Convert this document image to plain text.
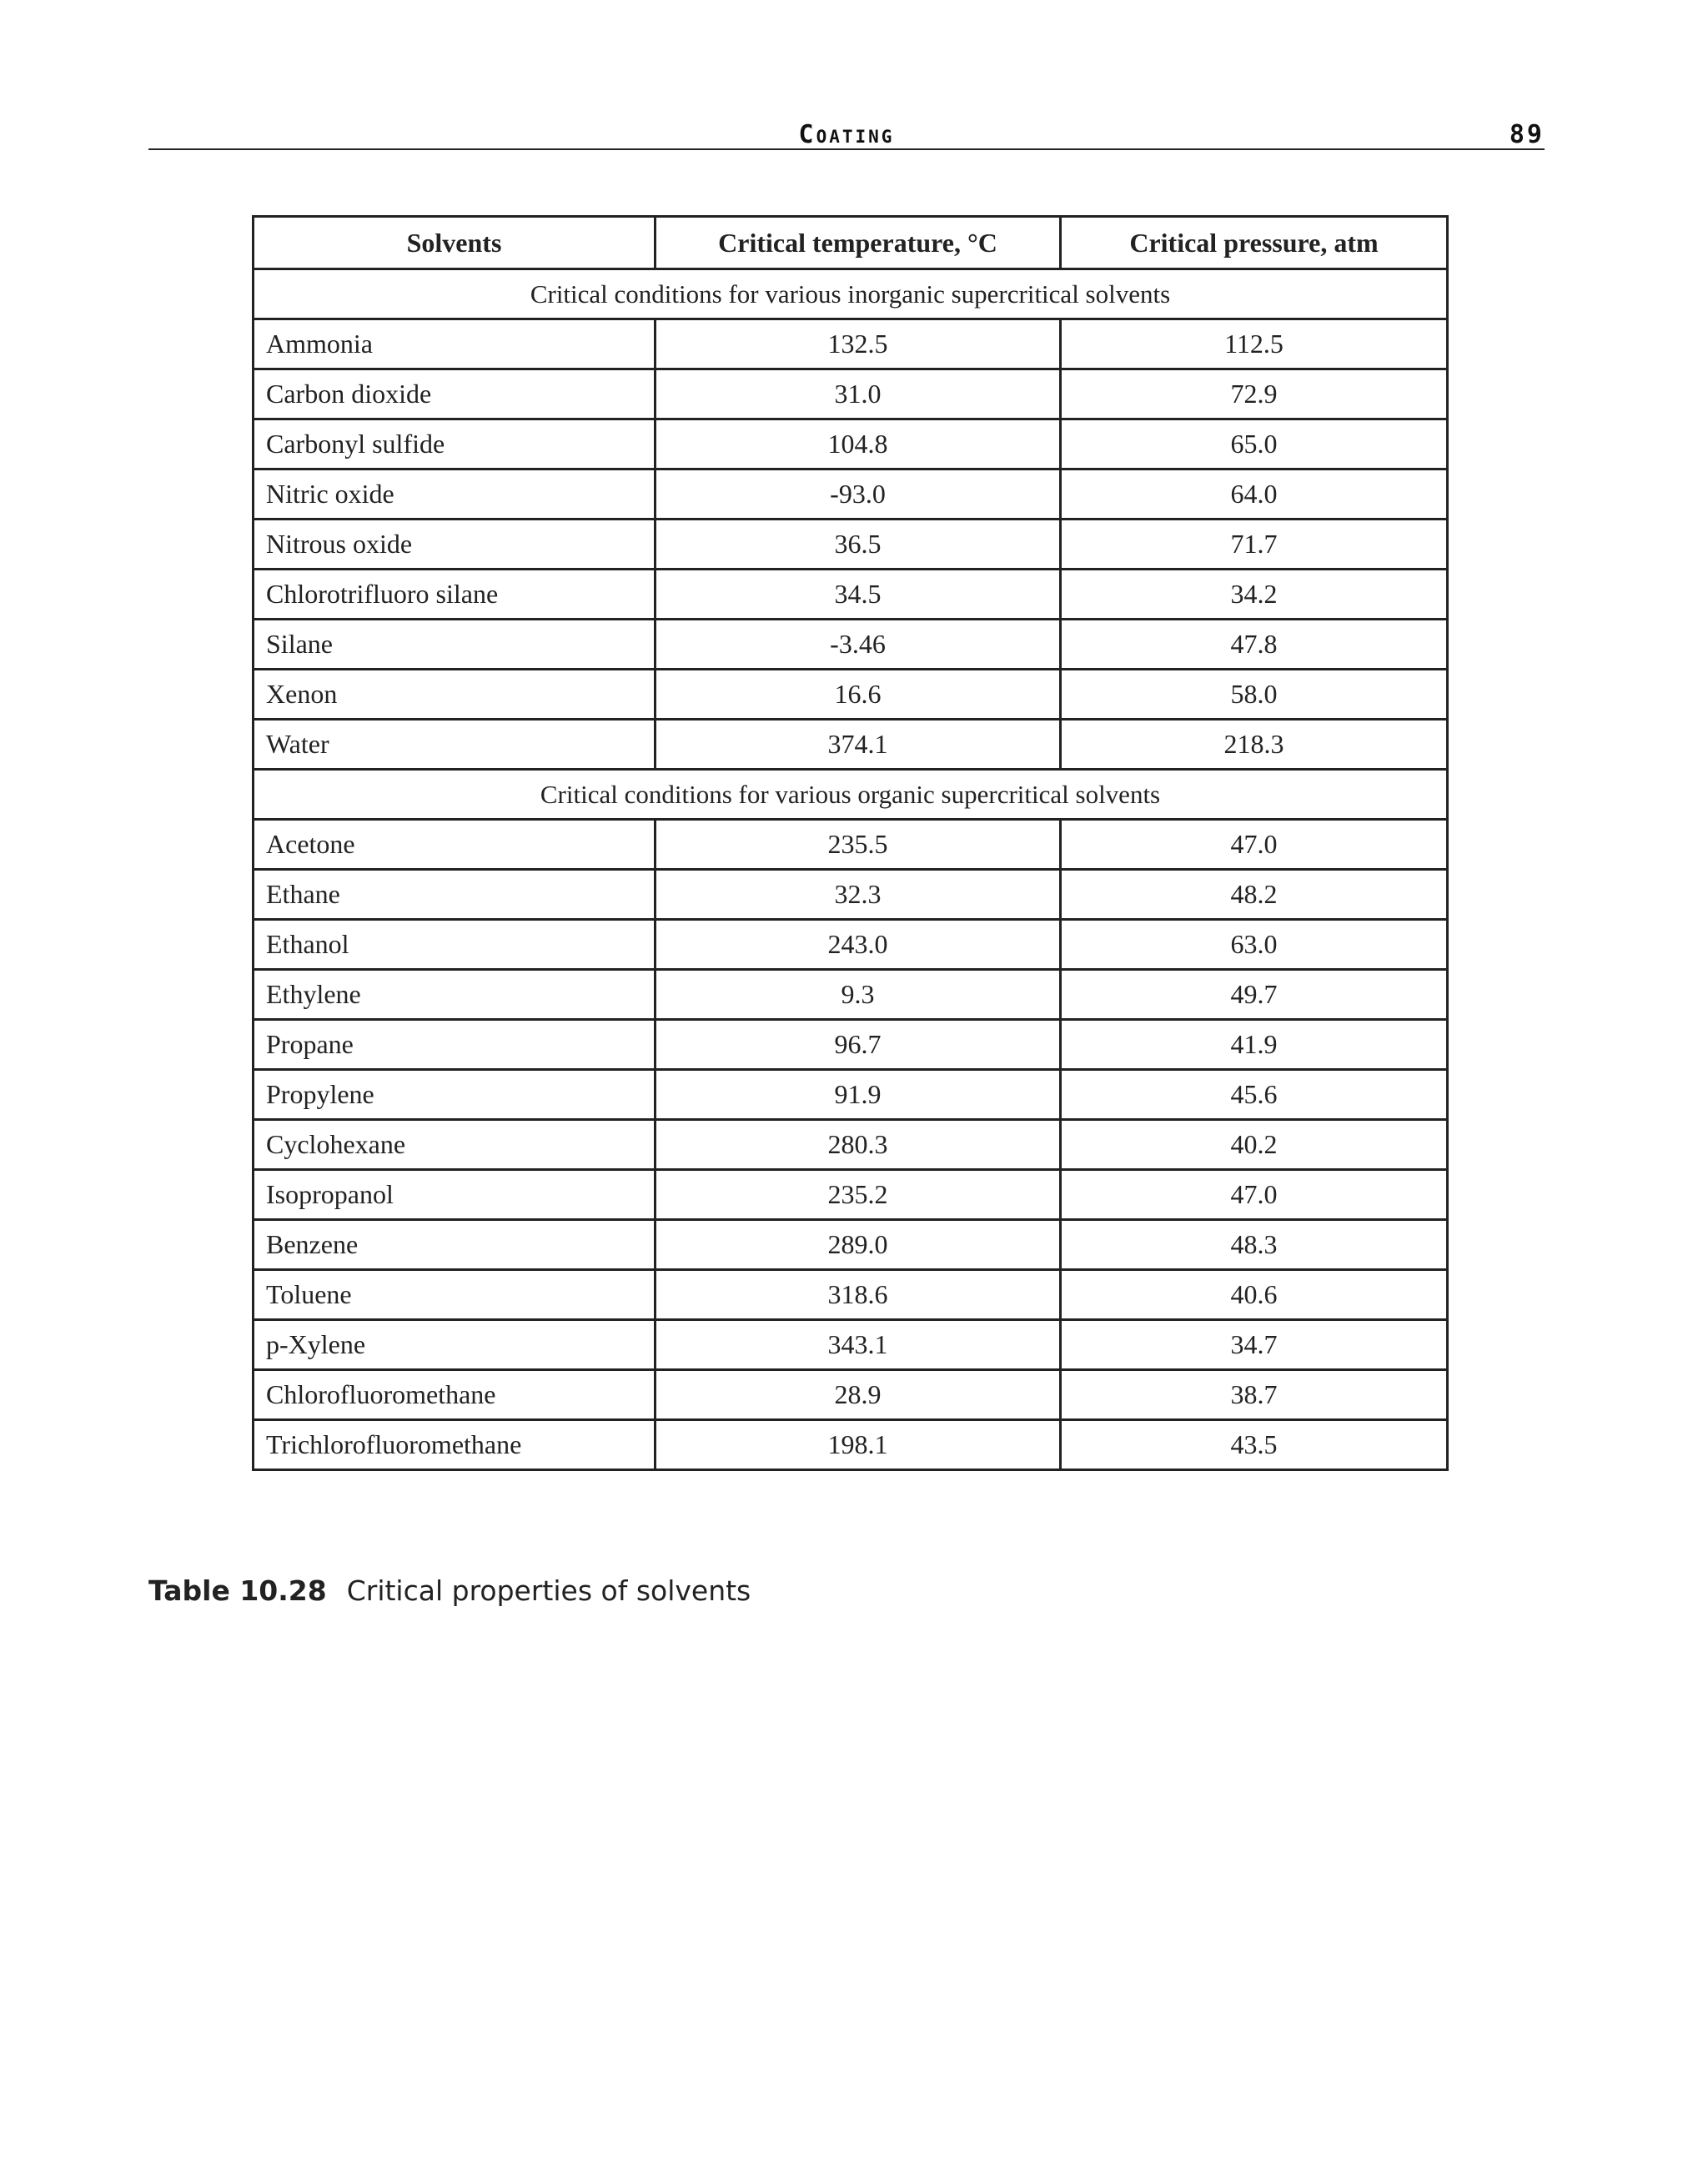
Coating	89
Solvents	Critical temperature, °C	Critical pressure, atm
Critical conditions for various inorganic supercritical solvents		
Ammonia	132.5	112.5
Carbon dioxide	31.0	72.9
Carbonyl sulfide	104.8	65.0
Nitric oxide	-93.0	64.0
Nitrous oxide	36.5	71.7
Chlorotrifluoro silane	34.5	34.2
Silane	-3.46	47.8
Xenon	16.6	58.0
Water	374.1	218.3
Critical conditions for various organic supercritical solvents		
Acetone	235.5	47.0
Ethane	32.3	48.2
Ethanol	243.0	63.0
Ethylene	9.3	49.7
Propane	96.7	41.9
Propylene	91.9	45.6
Cyclohexane	280.3	40.2
Isopropanol	235.2	47.0
Benzene	289.0	48.3
Toluene	318.6	40.6
p-Xylene	343.1	34.7
Chlorofluoromethane	28.9	38.7
Trichlorofluoromethane	198.1	43.5
Table 10.28 Critical properties of solvents
